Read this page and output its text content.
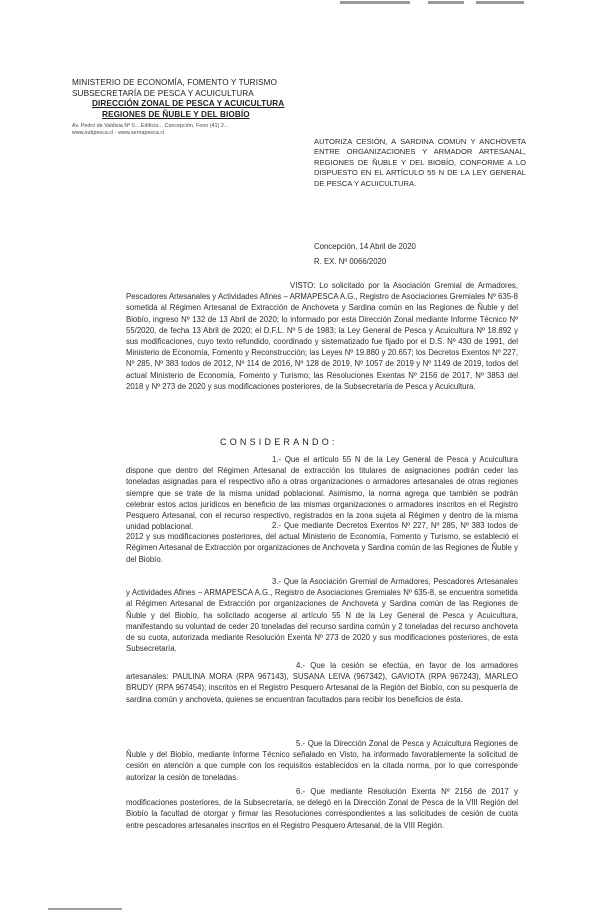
MINISTERIO DE ECONOMÍA, FOMENTO Y TURISMO
SUBSECRETARÍA DE PESCA Y ACUICULTURA
DIRECCIÓN ZONAL DE PESCA Y ACUICULTURA
REGIONES DE ÑUBLE Y DEL BIOBÍO
Av. Pedro de Valdivia Nº 0... Edificio... Concepción, Fono (41) 2...
www.subpesca.cl - www.sernapesca.cl
AUTORIZA CESIÓN, A SARDINA COMÚN Y ANCHOVETA ENTRE ORGANIZACIONES Y ARMADOR ARTESANAL, REGIONES DE ÑUBLE Y DEL BIOBÍO, CONFORME A LO DISPUESTO EN EL ARTÍCULO 55 N DE LA LEY GENERAL DE PESCA Y ACUICULTURA.
Concepción, 14 Abril de 2020
R. EX. Nº 0066/2020
VISTO: Lo solicitado por la Asociación Gremial de Armadores, Pescadores Artesanales y Actividades Afines – ARMAPESCA A.G., Registro de Asociaciones Gremiales Nº 635-8 sometida al Régimen Artesanal de Extracción de Anchoveta y Sardina común en las Regiones de Ñuble y del Biobío, ingreso Nº 132 de 13 Abril de 2020; lo informado por esta Dirección Zonal mediante Informe Técnico Nº 55/2020, de fecha 13 Abril de 2020; el D.F.L. Nº 5 de 1983; la Ley General de Pesca y Acuicultura Nº 18.892 y sus modificaciones, cuyo texto refundido, coordinado y sistematizado fue fijado por el D.S. Nº 430 de 1991, del Ministerio de Economía, Fomento y Reconstrucción; las Leyes Nº 19.880 y 20.657; los Decretos Exentos Nº 227, Nº 285, Nº 383 todos de 2012, Nº 114 de 2016, Nº 128 de 2019, Nº 1057 de 2019 y Nº 1149 de 2019, todos del actual Ministerio de Economía, Fomento y Turismo; las Resoluciones Exentas Nº 2156 de 2017, Nº 3853 del 2018 y Nº 273 de 2020 y sus modificaciones posteriores, de la Subsecretaría de Pesca y Acuicultura.
CONSIDERANDO:
1.- Que el artículo 55 N de la Ley General de Pesca y Acuicultura dispone que dentro del Régimen Artesanal de extracción los titulares de asignaciones podrán ceder las toneladas asignadas para el respectivo año a otras organizaciones o armadores artesanales de otras regiones siempre que se trate de la misma unidad poblacional. Asimismo, la norma agrega que también se podrán celebrar estos actos jurídicos en beneficio de las mismas organizaciones o armadores inscritos en el Registro Pesquero Artesanal, con el recurso respectivo, registrados en la zona sujeta al Régimen y dentro de la misma unidad poblacional.	2.- Que mediante Decretos Exentos Nº 227, Nº 285, Nº 383 todos de 2012 y sus modificaciones posteriores, del actual Ministerio de Economía, Fomento y Turismo, se estableció el Régimen Artesanal de Extracción por organizaciones de Anchoveta y Sardina común de las Regiones de Ñuble y del Biobío.
3.- Que la Asociación Gremial de Armadores, Pescadores Artesanales y Actividades Afines – ARMAPESCA A.G., Registro de Asociaciones Gremiales Nº 635-8, se encuentra sometida al Régimen Artesanal de Extracción por organizaciones de Anchoveta y Sardina común de las Regiones de Ñuble y del Biobío, ha solicitado acogerse al artículo 55 N de la Ley General de Pesca y Acuicultura, manifestando su voluntad de ceder 20 toneladas del recurso sardina común y 2 toneladas del recurso anchoveta de su cuota, autorizada mediante Resolución Exenta Nº 273 de 2020 y sus modificaciones posteriores, de esta Subsecretaría.
4.- Que la cesión se efectúa, en favor de los armadores artesanales: PAULINA MORA (RPA 967143), SUSANA LEIVA (967342), GAVIOTA (RPA 967243), MARLEO BRUDY (RPA 967454); inscritos en el Registro Pesquero Artesanal de la Región del Biobío, con su pesquería de sardina común y anchoveta, quienes se encuentran facultados para recibir los beneficios de ésta.
5.- Que la Dirección Zonal de Pesca y Acuicultura Regiones de Ñuble y del Biobío, mediante Informe Técnico señalado en Visto, ha informado favorablemente la solicitud de cesión en atención a que cumple con los requisitos establecidos en la citada norma, por lo que corresponde autorizar la cesión de toneladas.
6.- Que mediante Resolución Exenta Nº 2156 de 2017 y modificaciones posteriores, de la Subsecretaría, se delegó en la Dirección Zonal de Pesca de la VIII Región del Biobío la facultad de otorgar y firmar las Resoluciones correspondientes a las solicitudes de cesión de cuota entre pescadores artesanales inscritos en el Registro Pesquero Artesanal, de la VIII Región.
